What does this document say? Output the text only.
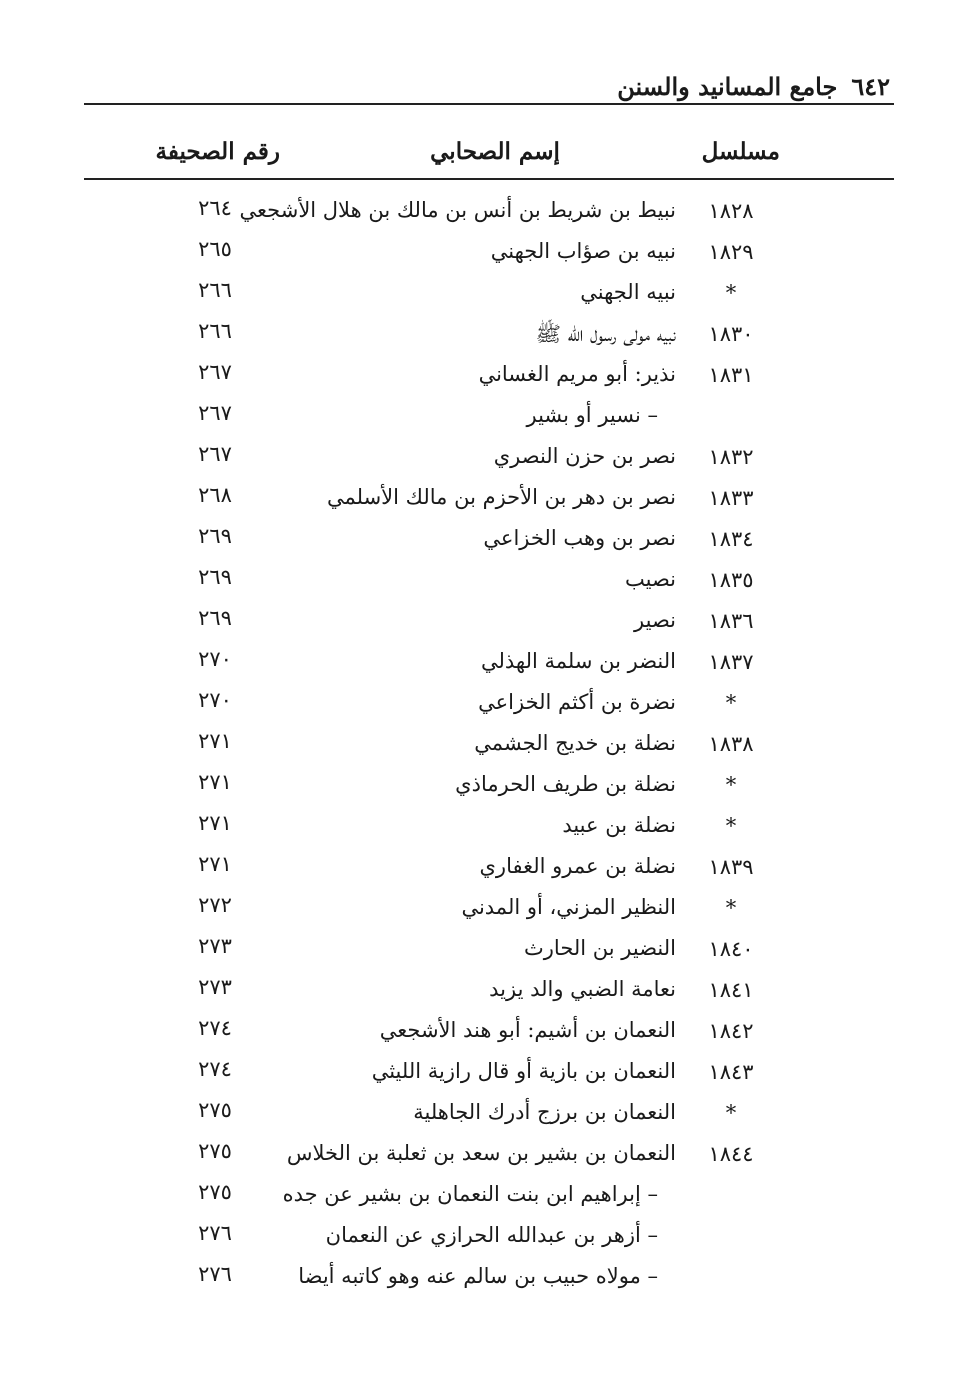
٦٤٢جامع المسانيد والسنن
مسلسل
إسم الصحابي
رقم الصحيفة
١٨٢٨
نبيط بن شريط بن أنس بن مالك بن هلال الأشجعي
٢٦٤
١٨٢٩
نبيه بن صؤاب الجهني
٢٦٥
*
نبيه الجهني
٢٦٦
١٨٣٠
نبيه مولى رسول الله ﷺ
٢٦٦
١٨٣١
نذير: أبو مريم الغساني
٢٦٧
– نسير أو بشير
٢٦٧
١٨٣٢
نصر بن حزن النصري
٢٦٧
١٨٣٣
نصر بن دهر بن الأحزم بن مالك الأسلمي
٢٦٨
١٨٣٤
نصر بن وهب الخزاعي
٢٦٩
١٨٣٥
نصيب
٢٦٩
١٨٣٦
نصير
٢٦٩
١٨٣٧
النضر بن سلمة الهذلي
٢٧٠
*
نضرة بن أكثم الخزاعي
٢٧٠
١٨٣٨
نضلة بن خديج الجشمي
٢٧١
*
نضلة بن طريف الحرماذي
٢٧١
*
نضلة بن عبيد
٢٧١
١٨٣٩
نضلة بن عمرو الغفاري
٢٧١
*
النظير المزني، أو المدني
٢٧٢
١٨٤٠
النضير بن الحارث
٢٧٣
١٨٤١
نعامة الضبي والد يزيد
٢٧٣
١٨٤٢
النعمان بن أشيم: أبو هند الأشجعي
٢٧٤
١٨٤٣
النعمان بن بازية أو قال رازية الليثي
٢٧٤
*
النعمان بن برزج أدرك الجاهلية
٢٧٥
١٨٤٤
النعمان بن بشير بن سعد بن ثعلبة بن الخلاس
٢٧٥
– إبراهيم ابن بنت النعمان بن بشير عن جده
٢٧٥
– أزهر بن عبدالله الحرازي عن النعمان
٢٧٦
– مولاه حبيب بن سالم عنه وهو كاتبه أيضا
٢٧٦
